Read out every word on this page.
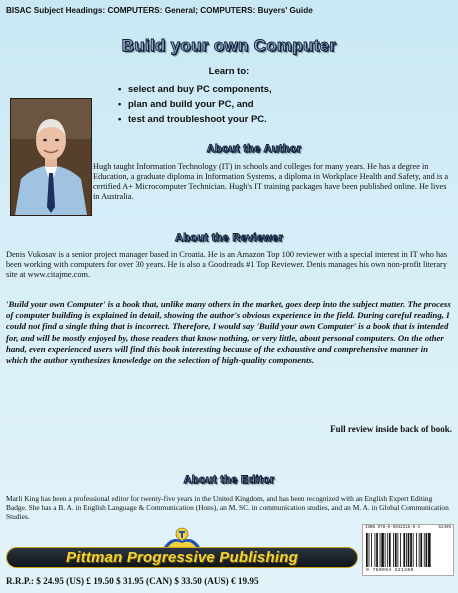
BISAC Subject Headings: COMPUTERS: General; COMPUTERS: Buyers' Guide
Build your own Computer
Learn to:
• select and buy PC components,
• plan and build your PC, and
• test and troubleshoot your PC.
About the Author

Hugh taught Information Technology (IT) in schools and colleges for many years. He has a degree in Education, a graduate diploma in Information Systems, a diploma in Workplace Health and Safety, and is a certified A+ Microcomputer Technician. Hugh's IT training packages have been published online. He lives in Australia.

About the Reviewer

Denis Vukosav is a senior project manager based in Croatia. He is an Amazon Top 100 reviewer with a special interest in IT who has been working with computers for over 30 years. He is also a Goodreads #1 Top Reviewer. Denis manages his own non-profit literary site at www.citajme.com.

'Build your own Computer' is a book that, unlike many others in the market, goes deep into the subject matter. The process of computer building is explained in detail, showing the author's obvious experience in the field. During careful reading, I could not find a single thing that is incorrect. Therefore, I would say 'Build your own Computer' is a book that is intended for, and will be mostly enjoyed by, those readers that know nothing, or very little, about personal computers. On the other hand, even experienced users will find this book interesting because of the exhaustive and comprehensive manner in which the author synthesizes knowledge on the selection of high-quality components.

Full review inside back of book.
About the Editor

Marli King has been a professional editor for twenty-five years in the United Kingdom, and has been recognized with an English Expert Editing Badge. She has a B. A. in English Language & Communication (Hons), an M. SC. in communication studies, and an M. A. in Global Communication Studies.

Pittman Progressive Publishing
ISBN 978-0-9942215-6-2	52495
9 780994 221360
R.R.P.: $ 24.95 (US) £ 19.50 $ 31.95 (CAN) $ 33.50 (AUS) € 19.95
